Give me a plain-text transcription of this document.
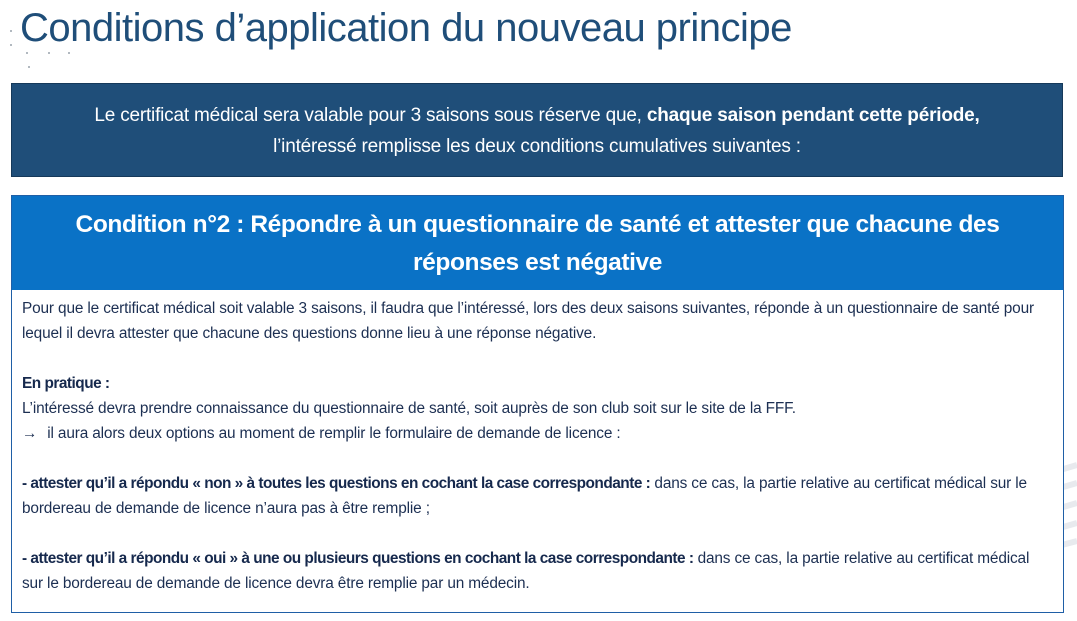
Conditions d’application du nouveau principe
Le certificat médical sera valable pour 3 saisons sous réserve que, chaque saison pendant cette période,
l’intéressé remplisse les deux conditions cumulatives suivantes :
Condition n°2 : Répondre à un questionnaire de santé et attester que chacune des
réponses est négative

Pour que le certificat médical soit valable 3 saisons, il faudra que l’intéressé, lors des deux saisons suivantes, réponde à un questionnaire de santé pour lequel il devra attester que chacune des questions donne lieu à une réponse négative.

En pratique :

L’intéressé devra prendre connaissance du questionnaire de santé, soit auprès de son club soit sur le site de la FFF.

→ il aura alors deux options au moment de remplir le formulaire de demande de licence :

- attester qu’il a répondu « non » à toutes les questions en cochant la case correspondante : dans ce cas, la partie relative au certificat médical sur le bordereau de demande de licence n’aura pas à être remplie ;

- attester qu’il a répondu « oui » à une ou plusieurs questions en cochant la case correspondante : dans ce cas, la partie relative au certificat médical sur le bordereau de demande de licence devra être remplie par un médecin.
